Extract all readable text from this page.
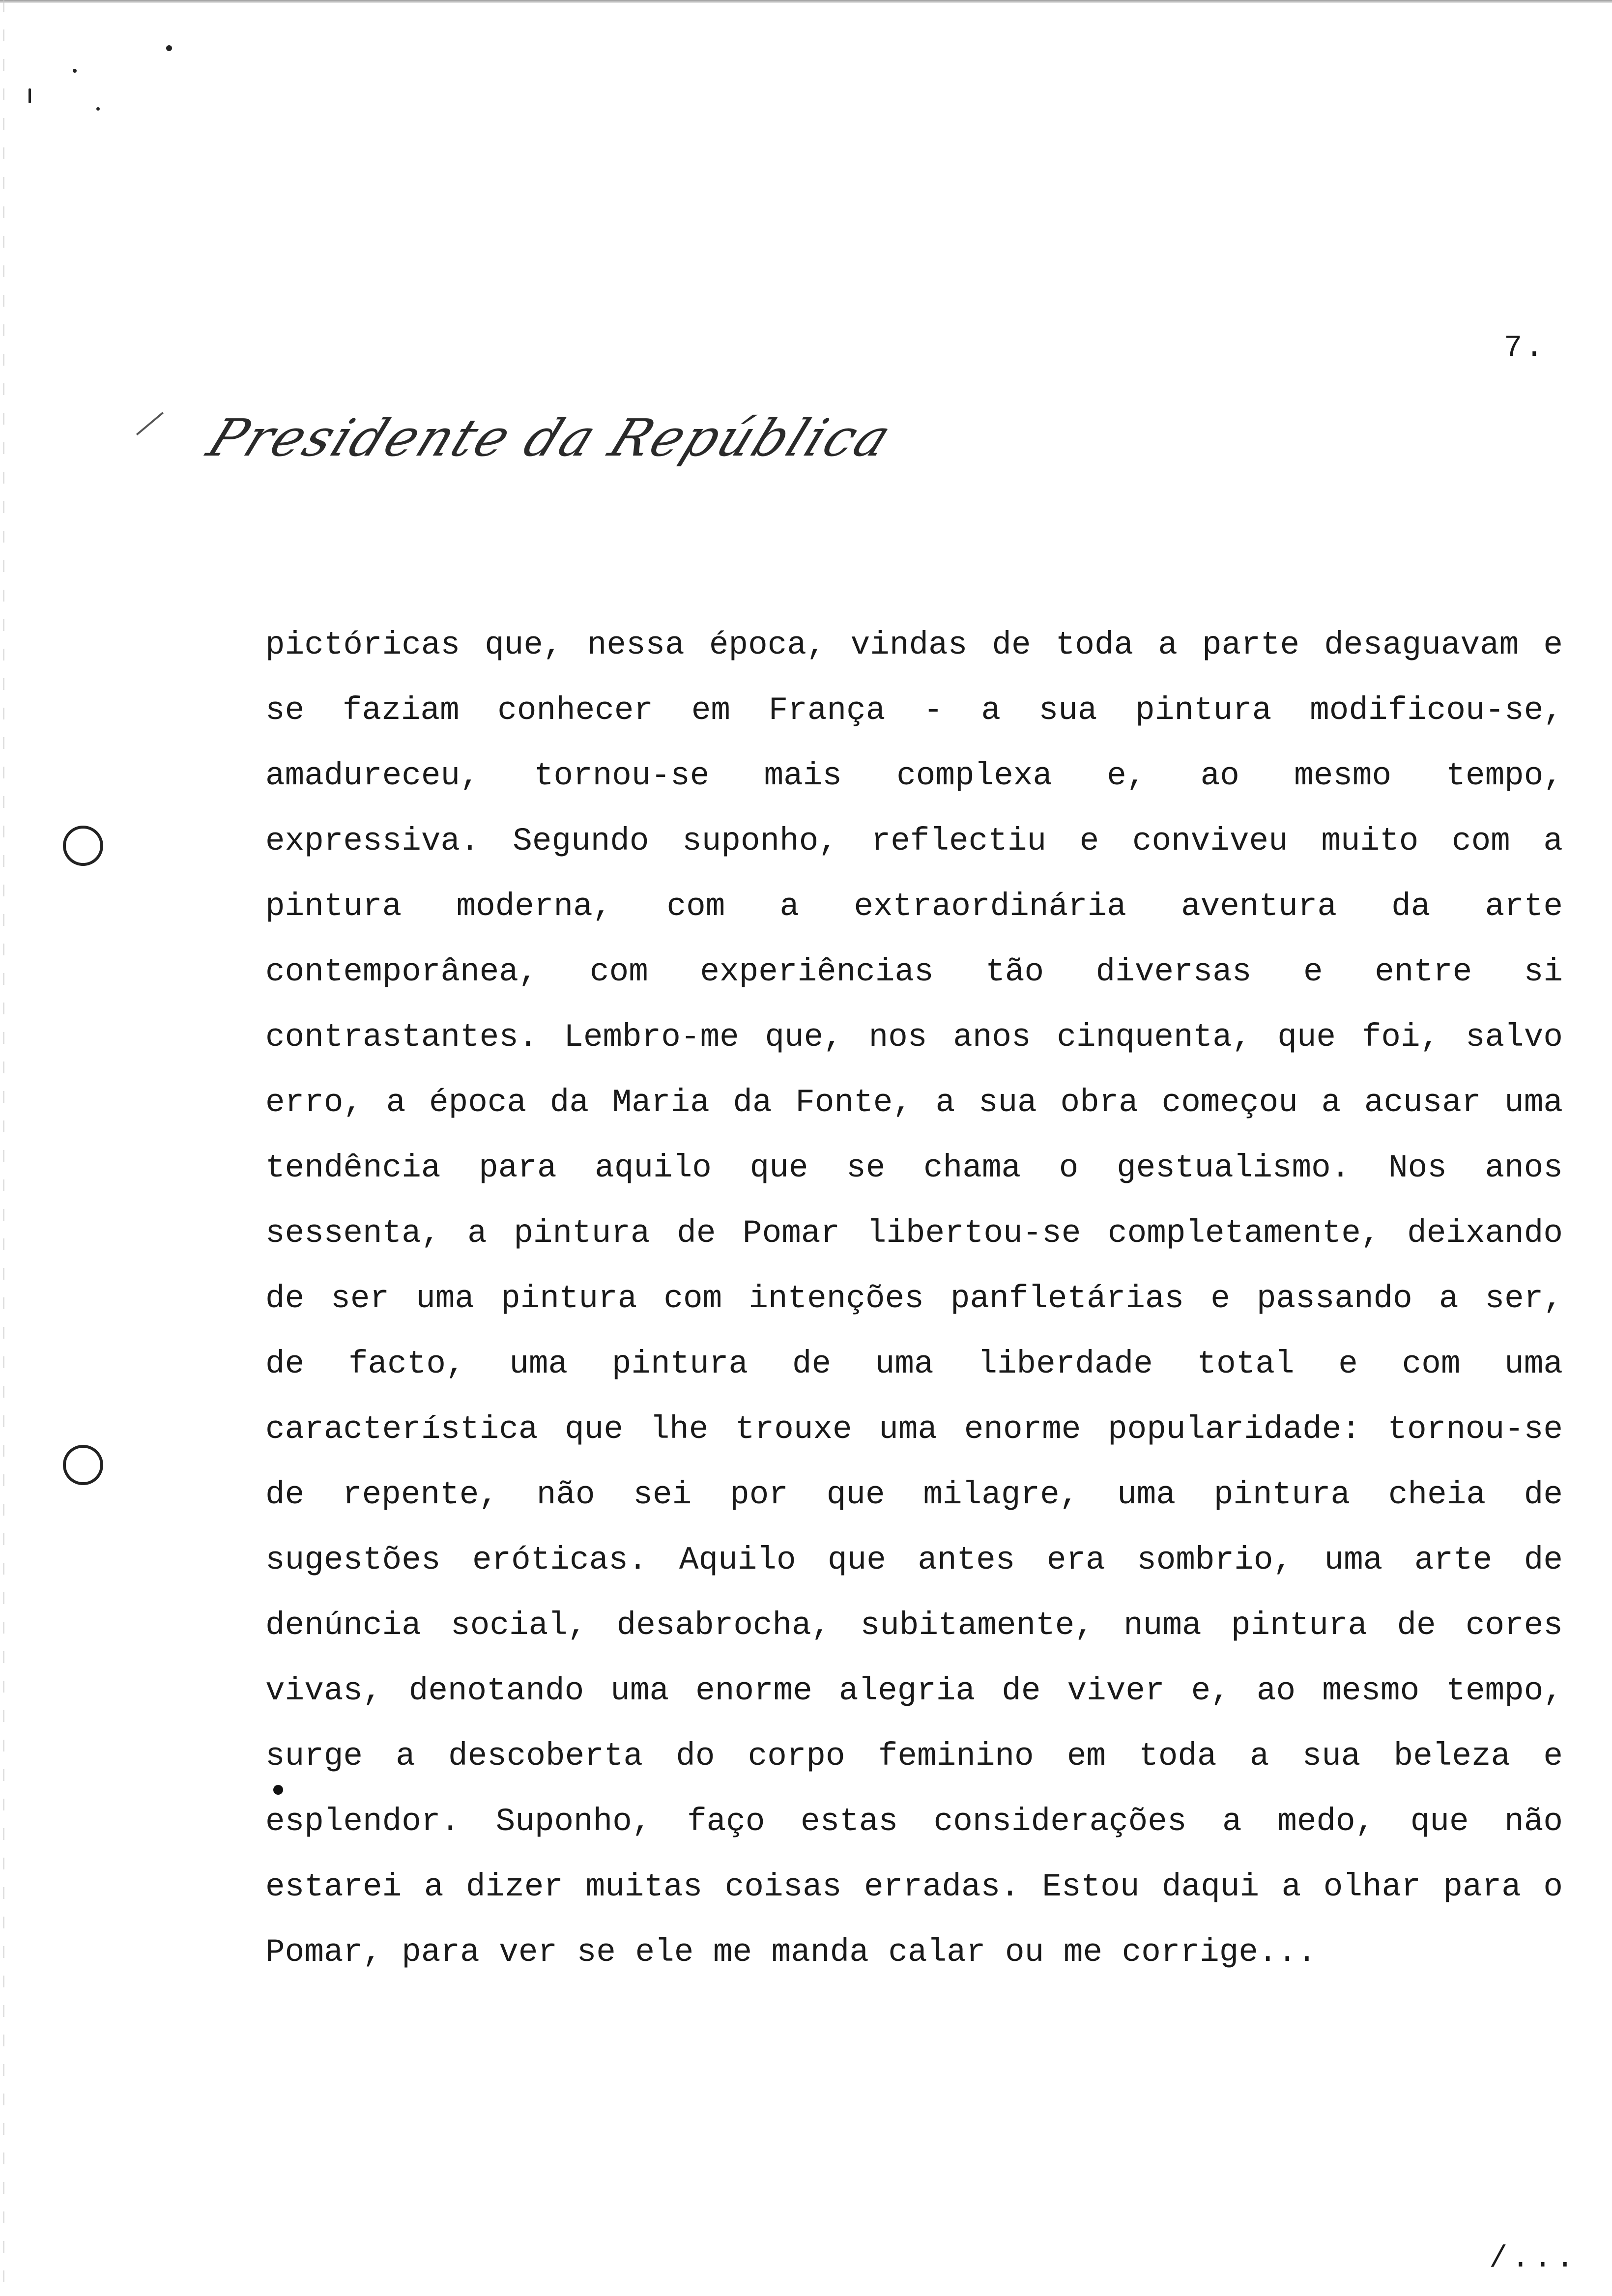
7.

Presidente da República

pictóricas que, nessa época, vindas de toda a parte desaguavam e
se faziam conhecer em França - a sua pintura modificou-se,
amadureceu, tornou-se mais complexa e, ao mesmo tempo,
expressiva. Segundo suponho, reflectiu e conviveu muito com a
pintura moderna, com a extraordinária aventura da arte
contemporânea, com experiências tão diversas e entre si
contrastantes. Lembro-me que, nos anos cinquenta, que foi, salvo
erro, a época da Maria da Fonte, a sua obra começou a acusar uma
tendência para aquilo que se chama o gestualismo. Nos anos
sessenta, a pintura de Pomar libertou-se completamente, deixando
de ser uma pintura com intenções panfletárias e passando a ser,
de facto, uma pintura de uma liberdade total e com uma
característica que lhe trouxe uma enorme popularidade: tornou-se
de repente, não sei por que milagre, uma pintura cheia de
sugestões eróticas. Aquilo que antes era sombrio, uma arte de
denúncia social, desabrocha, subitamente, numa pintura de cores
vivas, denotando uma enorme alegria de viver e, ao mesmo tempo,
surge a descoberta do corpo feminino em toda a sua beleza e
esplendor. Suponho, faço estas considerações a medo, que não
estarei a dizer muitas coisas erradas. Estou daqui a olhar para o
Pomar, para ver se ele me manda calar ou me corrige...

/...
